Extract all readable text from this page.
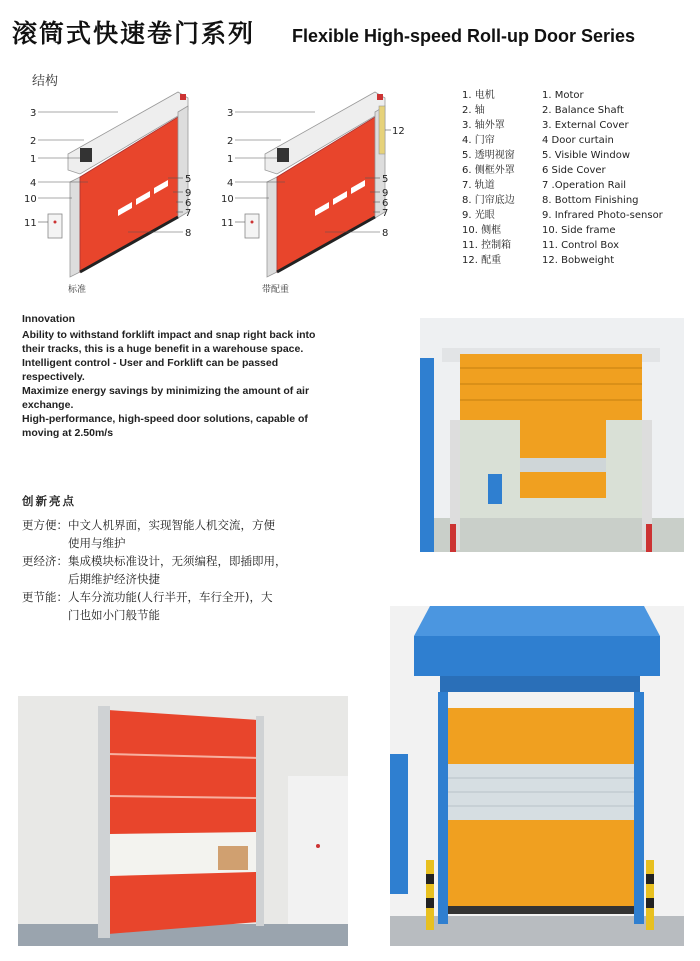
滚筒式快速卷门系列 Flexible High-speed Roll-up Door Series
结构
3
2
1
4
10
11
5
9
6
7
8
标准
3
2
1
4
10
11
5
9
6
7
8
12
带配重
1. 电机	1. Motor
2. 轴	2. Balance Shaft
3. 轴外罩	3. External Cover
4. 门帘	4 Door curtain
5. 透明视窗	5. Visible Window
6. 侧框外罩	6 Side Cover
7. 轨道	7 .Operation Rail
8. 门帘底边	8. Bottom Finishing
9. 光眼	9. Infrared Photo-sensor
10. 侧框	10. Side frame
11. 控制箱	11. Control Box
12. 配重	12. Bobweight
Innovation
Ability to withstand forklift impact and snap right back into
their tracks, this is a huge benefit in a warehouse space.
Intelligent control - User and Forklift can be passed
respectively.
Maximize energy savings by minimizing the amount of air
exchange.
High-performance, high-speed door solutions, capable of
moving at 2.50m/s
创新亮点
更方便： 中文人机界面，实现智能人机交流，方便
使用与维护
更经济： 集成模块标准设计，无须编程，即插即用，
后期维护经济快捷
更节能： 人车分流功能(人行半开，车行全开)，大
门也如小门般节能
